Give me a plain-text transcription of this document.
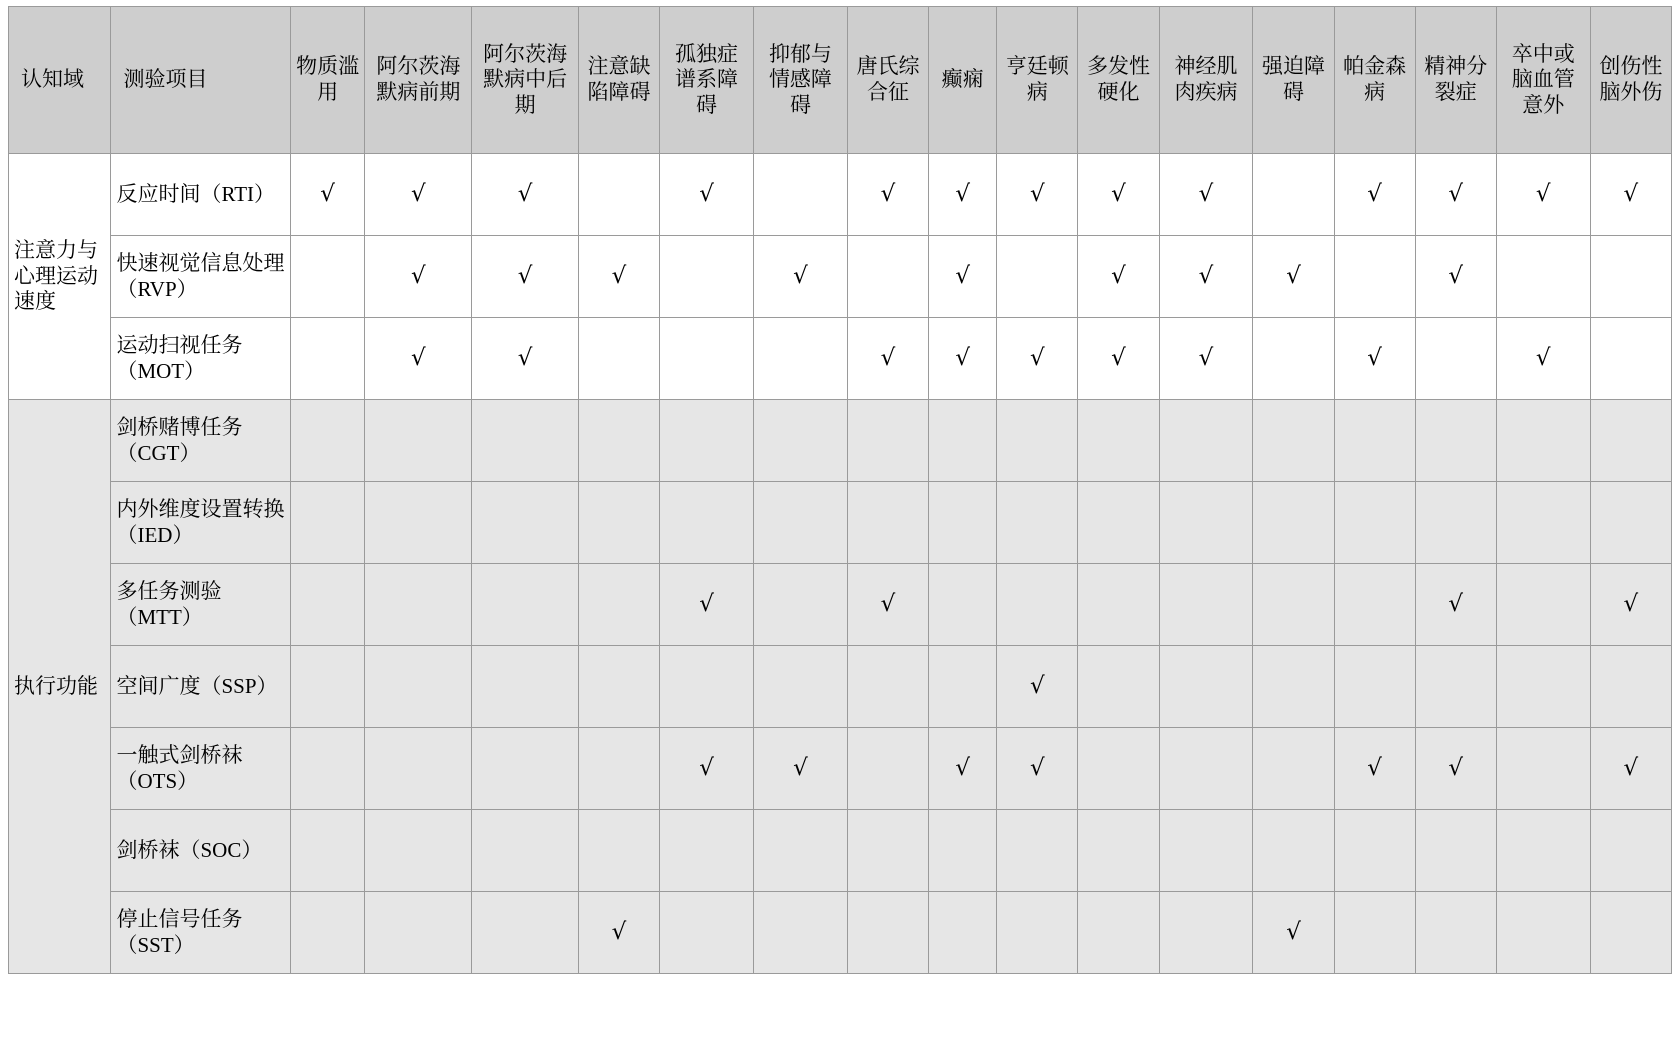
认知域	测验项目	物质滥用	阿尔茨海默病前期	阿尔茨海默病中后期	注意缺陷障碍	孤独症谱系障碍	抑郁与情感障碍	唐氏综合征	癫痫	亨廷顿病	多发性硬化	神经肌肉疾病	强迫障碍	帕金森病	精神分裂症	卒中或脑血管意外	创伤性脑外伤

注意力与心理运动速度	反应时间（RTI）	√	√	√		√		√	√	√	√	√		√	√	√	√
	快速视觉信息处理（RVP）		√	√	√		√		√		√	√	√		√		
	运动扫视任务（MOT）		√	√				√	√	√	√	√		√		√	
执行功能	剑桥赌博任务（CGT）																
	内外维度设置转换（IED）																
	多任务测验（MTT）					√		√							√		√
	空间广度（SSP）									√							
	一触式剑桥袜（OTS）					√	√		√	√				√	√		√
	剑桥袜（SOC）																
	停止信号任务（SST）				√								√				
